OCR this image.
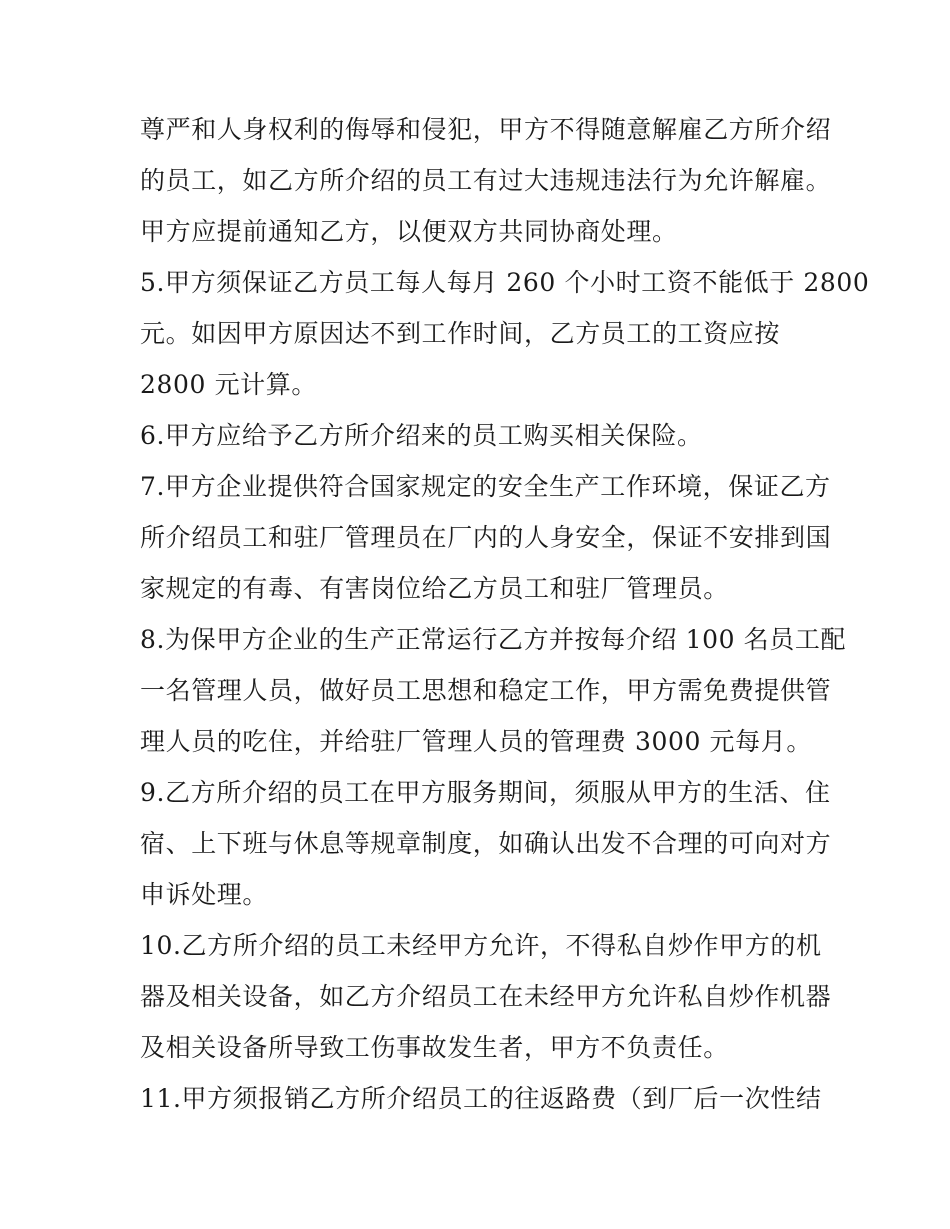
尊严和人身权利的侮辱和侵犯，甲方不得随意解雇乙方所介绍
的员工，如乙方所介绍的员工有过大违规违法行为允许解雇。
甲方应提前通知乙方，以便双方共同协商处理。
5.甲方须保证乙方员工每人每月 260 个小时工资不能低于 2800
元。如因甲方原因达不到工作时间，乙方员工的工资应按
2800 元计算。
6.甲方应给予乙方所介绍来的员工购买相关保险。
7.甲方企业提供符合国家规定的安全生产工作环境，保证乙方
所介绍员工和驻厂管理员在厂内的人身安全，保证不安排到国
家规定的有毒、有害岗位给乙方员工和驻厂管理员。
8.为保甲方企业的生产正常运行乙方并按每介绍 100 名员工配
一名管理人员，做好员工思想和稳定工作，甲方需免费提供管
理人员的吃住，并给驻厂管理人员的管理费 3000 元每月。
9.乙方所介绍的员工在甲方服务期间，须服从甲方的生活、住
宿、上下班与休息等规章制度，如确认出发不合理的可向对方
申诉处理。
10.乙方所介绍的员工未经甲方允许，不得私自炒作甲方的机
器及相关设备，如乙方介绍员工在未经甲方允许私自炒作机器
及相关设备所导致工伤事故发生者，甲方不负责任。
11.甲方须报销乙方所介绍员工的往返路费（到厂后一次性结
